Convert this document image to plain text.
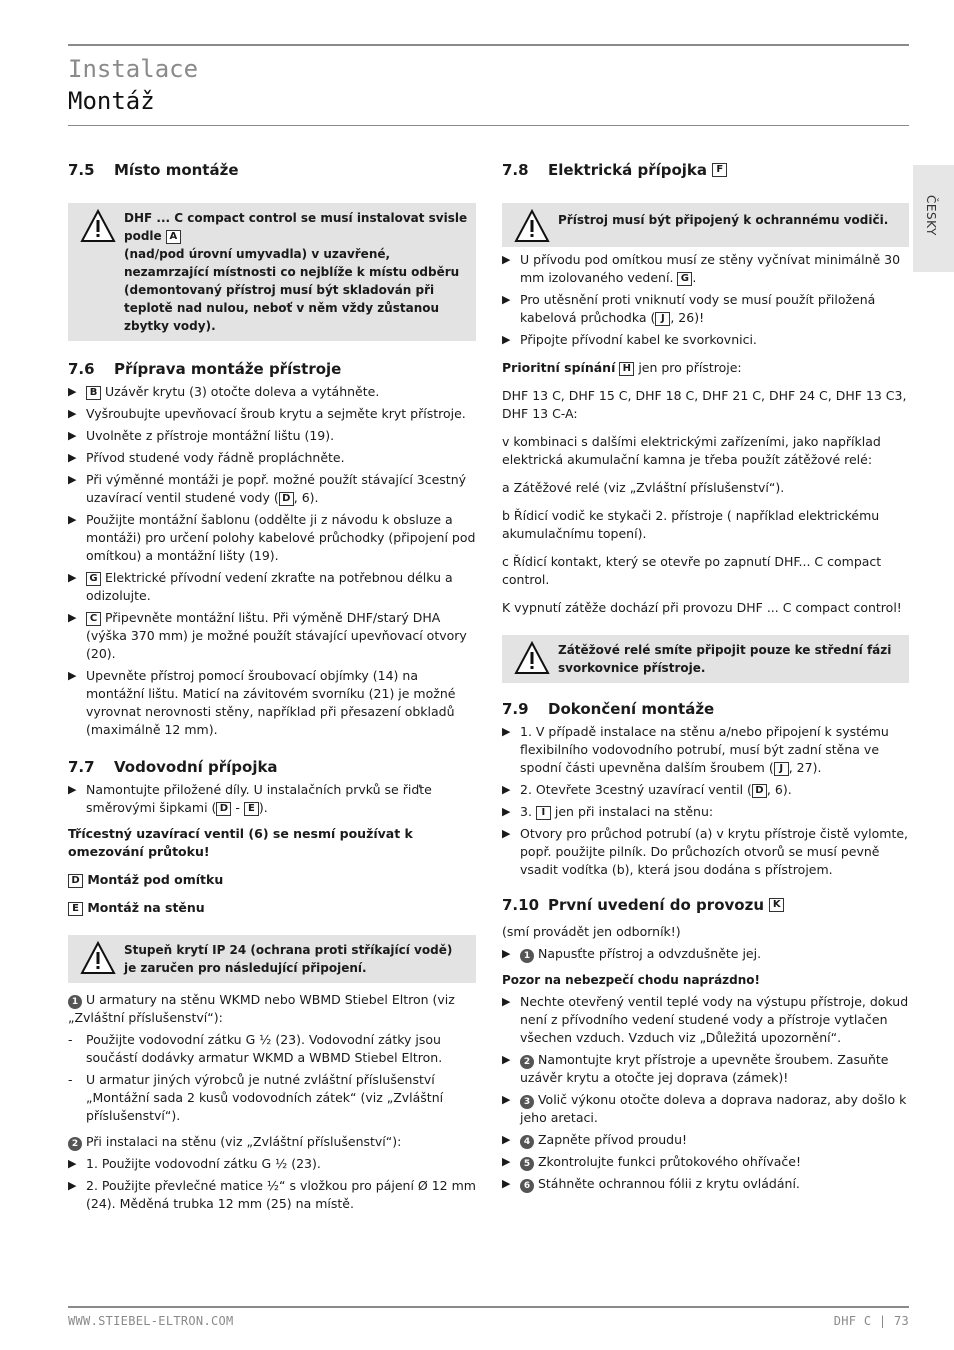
Instalace
Montáž
ČESKY
7.5	Místo montáže
DHF ... C compact control se musí instalovat svisle podle A
(nad/pod úrovní umyvadla) v uzavřené, nezamrzající místnosti co nejblíže k místu odběru (demontovaný přístroj musí být skladován při teplotě nad nulou, neboť v něm vždy zůstanou zbytky vody).
7.6	Příprava montáže přístroje
▶	B Uzávěr krytu (3) otočte doleva a vytáhněte.
▶ Vyšroubujte upevňovací šroub krytu a sejměte kryt přístroje.
▶ Uvolněte z přístroje montážní lištu (19).
▶ Přívod studené vody řádně propláchněte.
▶ Při výměnné montáži je popř. možné použít stávající 3cestný uzavírací ventil studené vody ( D , 6).
▶ Použijte montážní šablonu (oddělte ji z návodu k obsluze a montáži) pro určení polohy kabelové průchodky (připojení pod omítkou) a montážní lišty (19).
▶	G Elektrické přívodní vedení zkraťte na potřebnou délku a odizolujte.
▶	C Připevněte montážní lištu. Při výměně DHF/starý DHA (výška 370 mm) je možné použít stávající upevňovací otvory (20).
▶ Upevněte přístroj pomocí šroubovací objímky (14) na montážní lištu. Maticí na závitovém svorníku (21) je možné vyrovnat nerovnosti stěny, například při přesazení obkladů (maximálně 12 mm).
7.7	Vodovodní přípojka
▶ Namontujte přiložené díly. U instalačních prvků se řiďte směrovými šipkami ( D - E ).
Třícestný uzavírací ventil (6) se nesmí používat k omezování průtoku!
D Montáž pod omítku
E Montáž na stěnu
Stupeň krytí IP 24 (ochrana proti stříkající vodě) je zaručen pro následující připojení.
1 U armatury na stěnu WKMD nebo WBMD Stiebel Eltron (viz „Zvláštní příslušenství“):
-	Použijte vodovodní zátku G ½ (23). Vodovodní zátky jsou součástí dodávky armatur WKMD a WBMD Stiebel Eltron.
-	U armatur jiných výrobců je nutné zvláštní příslušenství „Montážní sada 2 kusů vodovodních zátek“ (viz „Zvláštní příslušenství“).
2 Při instalaci na stěnu (viz „Zvláštní příslušenství“):
▶ 1. Použijte vodovodní zátku G ½ (23).
▶ 2. Použijte převlečné matice ½“ s vložkou pro pájení Ø 12 mm (24). Měděná trubka 12 mm (25) na místě.
7.8	Elektrická přípojka
F
Přístroj musí být připojený k ochrannému vodiči.
▶ U přívodu pod omítkou musí ze stěny vyčnívat minimálně 30 mm izolovaného vedení. G .
▶ Pro utěsnění proti vniknutí vody se musí použít přiložená kabelová průchodka ( J , 26)!
▶ Připojte přívodní kabel ke svorkovnici.
Prioritní spínání H jen pro přístroje:
DHF 13 C, DHF 15 C, DHF 18 C, DHF 21 C, DHF 24 C, DHF 13 C3, DHF 13 C-A:
v kombinaci s dalšími elektrickými zařízeními, jako například elektrická akumulační kamna je třeba použít zátěžové relé:
a Zátěžové relé (viz „Zvláštní příslušenství“).
b Řídicí vodič ke stykači 2. přístroje ( například elektrickému akumulačnímu topení).
c Řídicí kontakt, který se otevře po zapnutí DHF... C compact control.
K vypnutí zátěže dochází při provozu DHF ... C compact control!
Zátěžové relé smíte připojit pouze ke střední fázi svorkovnice přístroje.
7.9	Dokončení montáže
▶ 1. V případě instalace na stěnu a/nebo připojení k systému flexibilního vodovodního potrubí, musí být zadní stěna ve spodní části upevněna dalším šroubem ( J , 27).
▶ 2. Otevřete 3cestný uzavírací ventil ( D , 6).
▶ 3. I jen při instalaci na stěnu:
▶ Otvory pro průchod potrubí (a) v krytu přístroje čistě vylomte, popř. použijte pilník. Do průchozích otvorů se musí pevně vsadit vodítka (b), která jsou dodána s přístrojem.
7.10 První uvedení do provozu
K
(smí provádět jen odborník!)
▶	1 Napusťte přístroj a odvzdušněte jej.
Pozor na nebezpečí chodu naprázdno!
▶ Nechte otevřený ventil teplé vody na výstupu přístroje, dokud není z přívodního vedení studené vody a přístroje vytlačen všechen vzduch. Vzduch viz „Důležitá upozornění“.
▶	2 Namontujte kryt přístroje a upevněte šroubem. Zasuňte uzávěr krytu a otočte jej doprava (zámek)!
▶	3 Volič výkonu otočte doleva a doprava nadoraz, aby došlo k jeho aretaci.
▶	4 Zapněte přívod proudu!
▶	5 Zkontrolujte funkci průtokového ohřívače!
▶	6 Stáhněte ochrannou fólii z krytu ovládání.
WWW.STIEBEL-ELTRON.COM	DHF C | 73
